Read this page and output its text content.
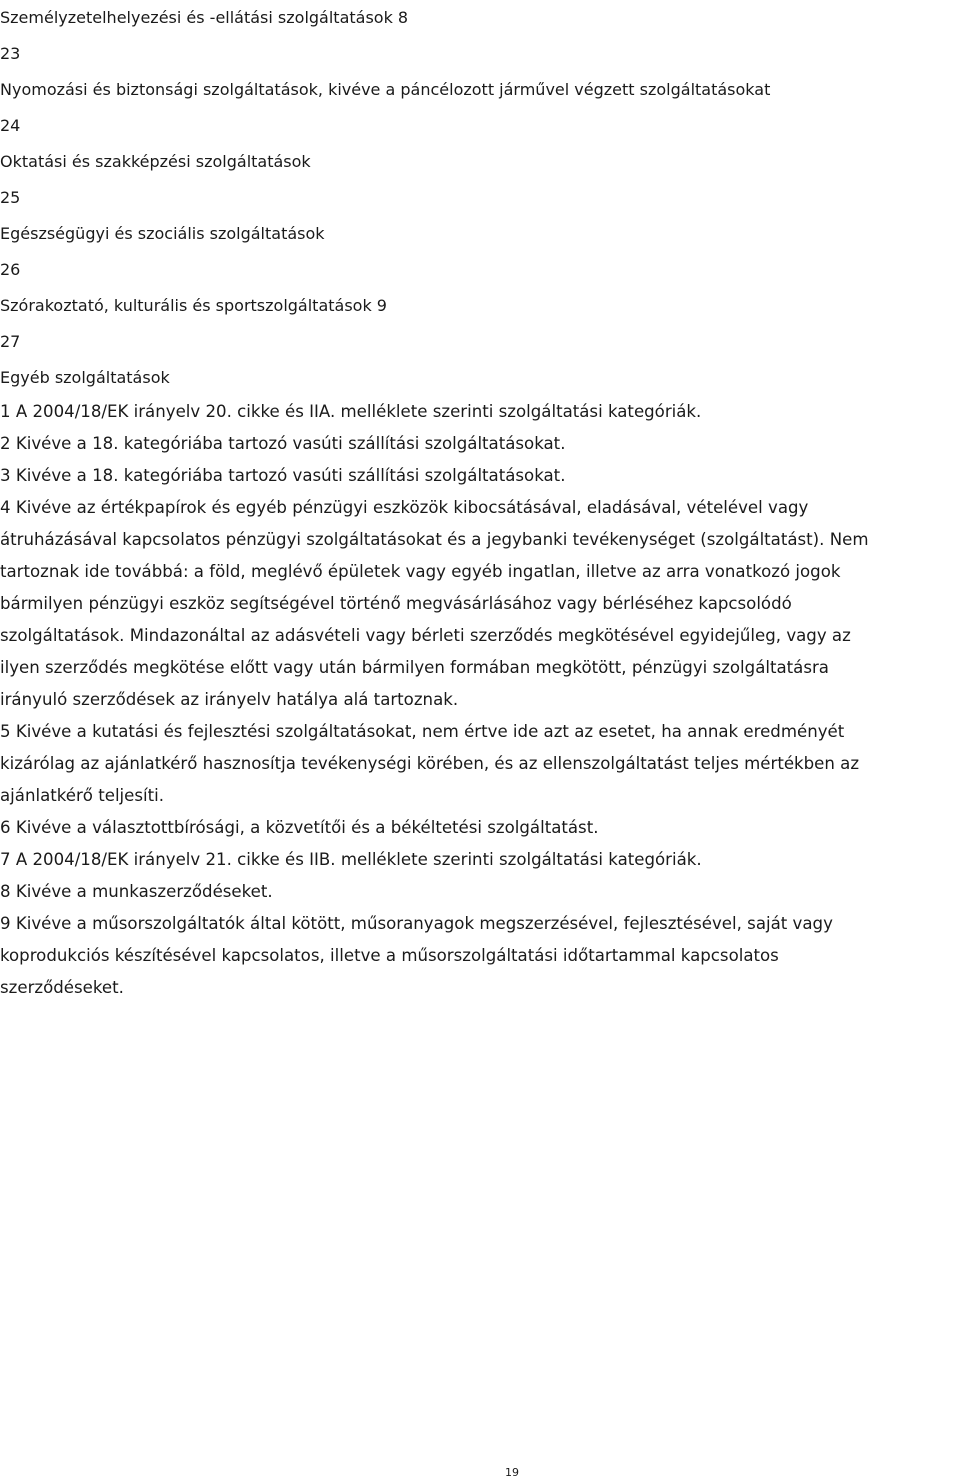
Személyzetelhelyezési és -ellátási szolgáltatások 8

23

Nyomozási és biztonsági szolgáltatások, kivéve a páncélozott járművel végzett szolgáltatásokat

24

Oktatási és szakképzési szolgáltatások

25

Egészségügyi és szociális szolgáltatások

26

Szórakoztató, kulturális és sportszolgáltatások 9

27

Egyéb szolgáltatások

1 A 2004/18/EK irányelv 20. cikke és IIA. melléklete szerinti szolgáltatási kategóriák.

2 Kivéve a 18. kategóriába tartozó vasúti szállítási szolgáltatásokat.

3 Kivéve a 18. kategóriába tartozó vasúti szállítási szolgáltatásokat.

4 Kivéve az értékpapírok és egyéb pénzügyi eszközök kibocsátásával, eladásával, vételével vagy

átruházásával kapcsolatos pénzügyi szolgáltatásokat és a jegybanki tevékenységet (szolgáltatást). Nem

tartoznak ide továbbá: a föld, meglévő épületek vagy egyéb ingatlan, illetve az arra vonatkozó jogok

bármilyen pénzügyi eszköz segítségével történő megvásárlásához vagy bérléséhez kapcsolódó

szolgáltatások. Mindazonáltal az adásvételi vagy bérleti szerződés megkötésével egyidejűleg, vagy az

ilyen szerződés megkötése előtt vagy után bármilyen formában megkötött, pénzügyi szolgáltatásra

irányuló szerződések az irányelv hatálya alá tartoznak.

5 Kivéve a kutatási és fejlesztési szolgáltatásokat, nem értve ide azt az esetet, ha annak eredményét

kizárólag az ajánlatkérő hasznosítja tevékenységi körében, és az ellenszolgáltatást teljes mértékben az

ajánlatkérő teljesíti.

6 Kivéve a választottbírósági, a közvetítői és a békéltetési szolgáltatást.

7 A 2004/18/EK irányelv 21. cikke és IIB. melléklete szerinti szolgáltatási kategóriák.

8 Kivéve a munkaszerződéseket.

9 Kivéve a műsorszolgáltatók által kötött, műsoranyagok megszerzésével, fejlesztésével, saját vagy

koprodukciós készítésével kapcsolatos, illetve a műsorszolgáltatási időtartammal kapcsolatos

szerződéseket.

19
